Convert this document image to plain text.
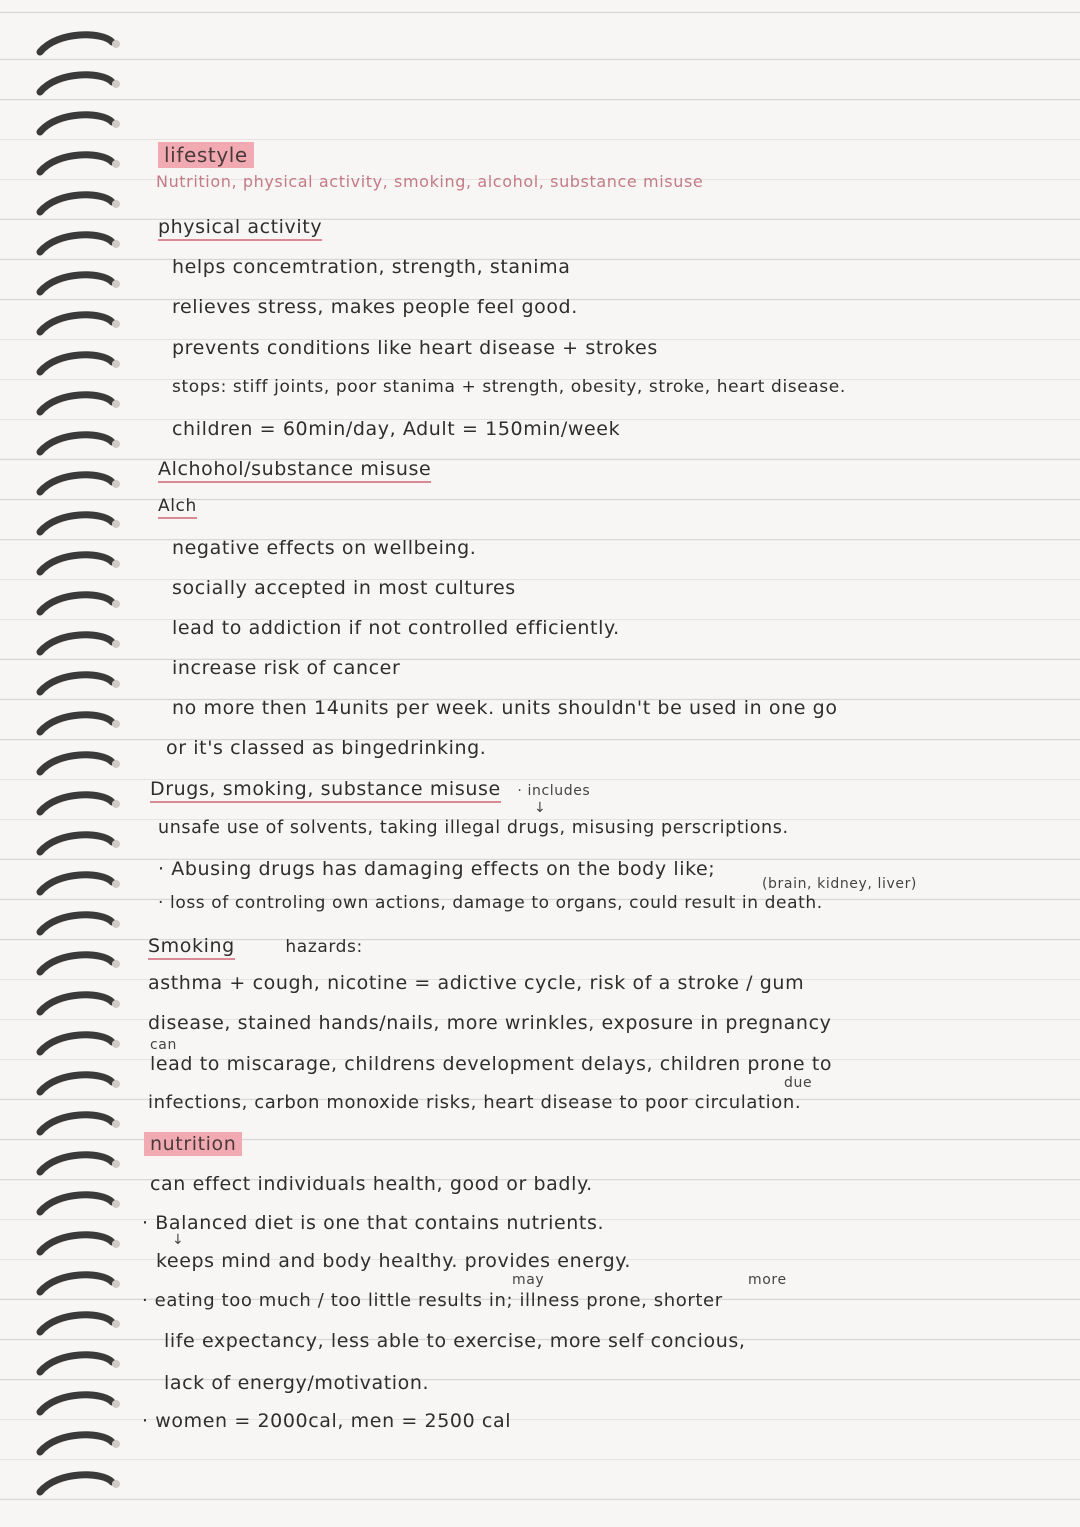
lifestyle
Nutrition, physical activity, smoking, alcohol, substance misuse
physical activity
helps concemtration, strength, stanima
relieves stress, makes people feel good.
prevents conditions like heart disease + strokes
stops: stiff joints, poor stanima + strength, obesity, stroke, heart disease.
children = 60min/day, Adult = 150min/week
Alchohol/substance misuse
Alch
negative effects on wellbeing.
socially accepted in most cultures
lead to addiction if not controlled efficiently.
increase risk of cancer
no more then 14units per week. units shouldn't be used in one go
or it's classed as bingedrinking.
Drugs, smoking, substance misuse · includes
↓
unsafe use of solvents, taking illegal drugs, misusing perscriptions.
· Abusing drugs has damaging effects on the body like;
(brain, kidney, liver)
· loss of controling own actions, damage to organs, could result in death.
Smoking	hazards:
asthma + cough, nicotine = adictive cycle, risk of a stroke / gum
disease, stained hands/nails, more wrinkles, exposure in pregnancy
can
lead to miscarage, childrens development delays, children prone to
due
infections, carbon monoxide risks, heart disease to poor circulation.
nutrition
can effect individuals health, good or badly.
· Balanced diet is one that contains nutrients.
↓
keeps mind and body healthy. provides energy.
may	more
· eating too much / too little results in; illness prone, shorter
life expectancy, less able to exercise, more self concious,
lack of energy/motivation.
· women = 2000cal, men = 2500 cal
